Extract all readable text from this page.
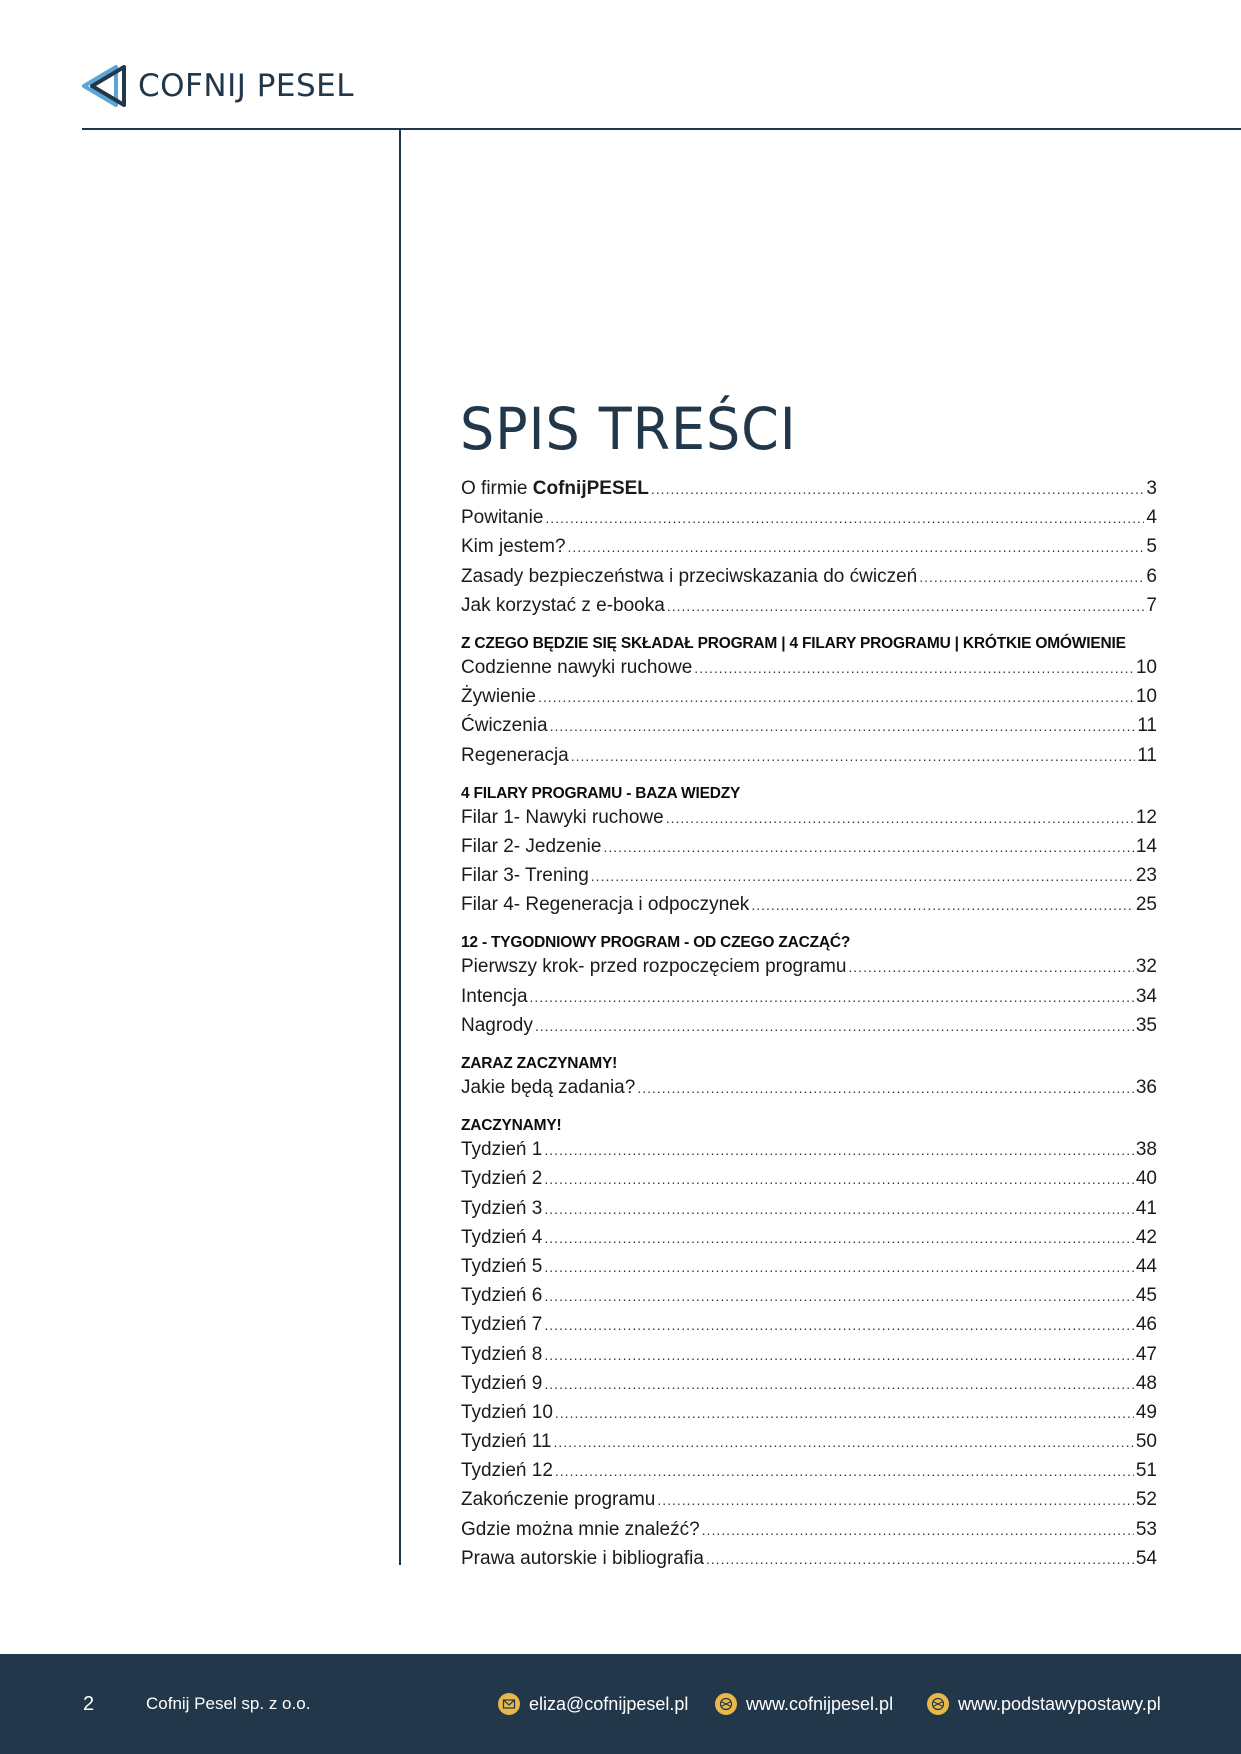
COFNIJ PESEL
SPIS TREŚCI
O firmie CofnijPESEL .....	3
Powitanie .....	4
Kim jestem? .....	5
Zasady bezpieczeństwa i przeciwskazania do ćwiczeń .....	6
Jak korzystać z e-booka .....	7
Z CZEGO BĘDZIE SIĘ SKŁADAŁ PROGRAM | 4 FILARY PROGRAMU | KRÓTKIE OMÓWIENIE
Codzienne nawyki ruchowe .....	10
Żywienie .....	10
Ćwiczenia .....	11
Regeneracja .....	11
4 FILARY PROGRAMU - BAZA WIEDZY
Filar 1- Nawyki ruchowe .....	12
Filar 2- Jedzenie .....	14
Filar 3- Trening .....	23
Filar 4- Regeneracja i odpoczynek .....	25
12 - TYGODNIOWY PROGRAM - OD CZEGO ZACZĄĆ?
Pierwszy krok- przed rozpoczęciem programu .....	32
Intencja .....	34
Nagrody .....	35
ZARAZ ZACZYNAMY!
Jakie będą zadania? .....	36
ZACZYNAMY!
Tydzień 1 .....	38
Tydzień 2 .....	40
Tydzień 3 .....	41
Tydzień 4 .....	42
Tydzień 5 .....	44
Tydzień 6 .....	45
Tydzień 7 .....	46
Tydzień 8 .....	47
Tydzień 9 .....	48
Tydzień 10 .....	49
Tydzień 11 .....	50
Tydzień 12 .....	51
Zakończenie programu .....	52
Gdzie można mnie znaleźć? .....	53
Prawa autorskie i bibliografia .....	54
2	Cofnij Pesel sp. z o.o.	eliza@cofnijpesel.pl	www.cofnijpesel.pl	www.podstawypostawy.pl
